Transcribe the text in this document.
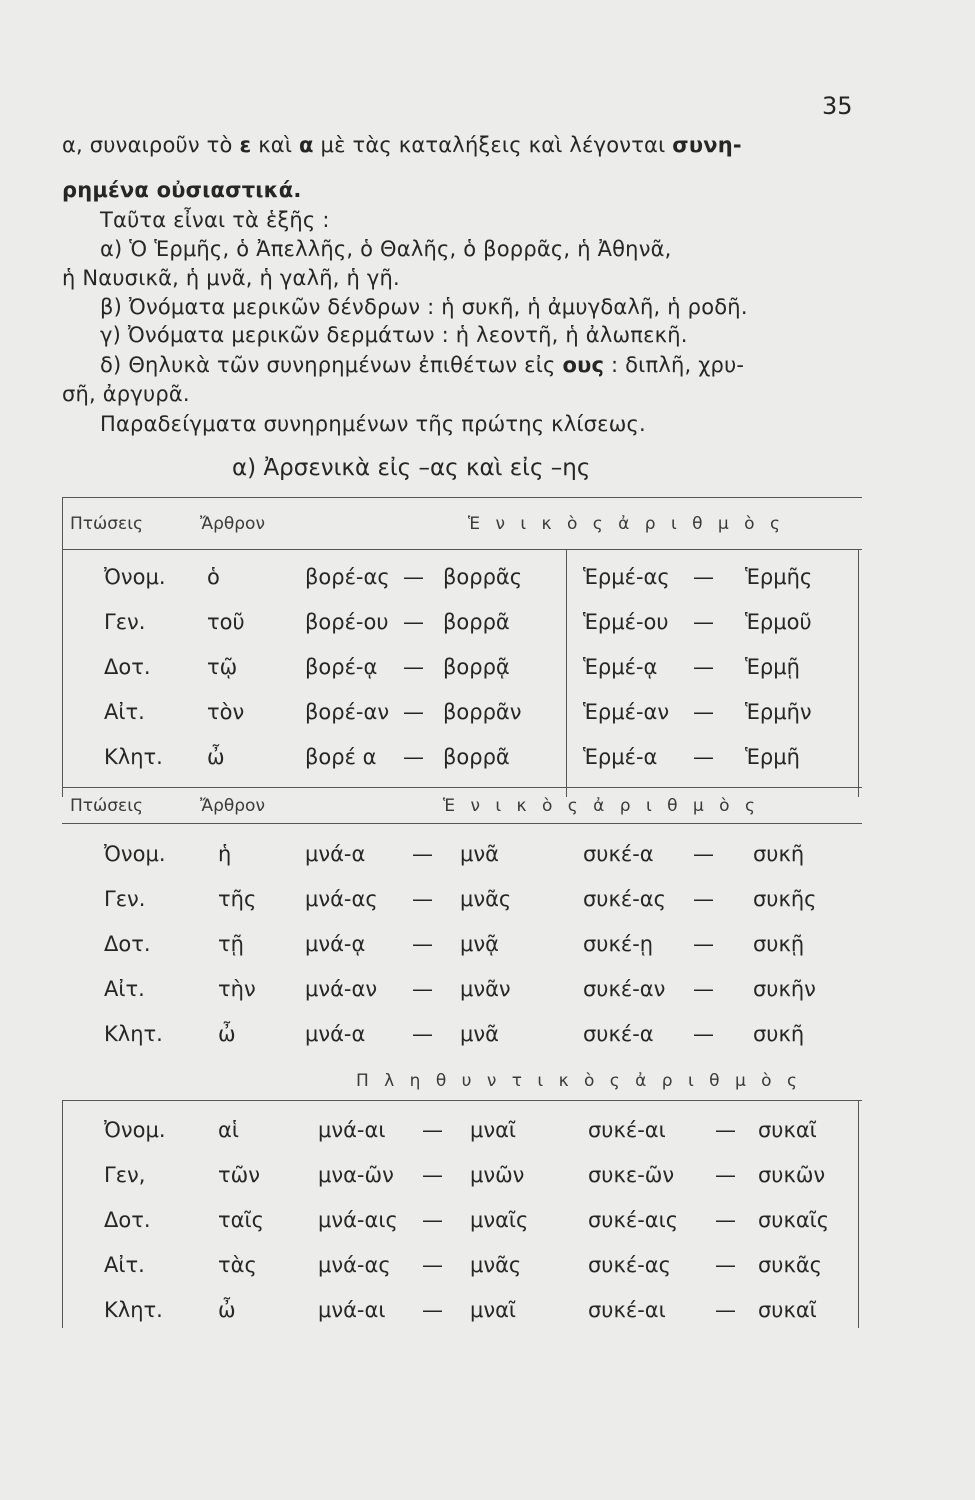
35
α, συναιροῦν τὸ ε καὶ α μὲ τὰς καταλήξεις καὶ λέγονται συνη-
ρημένα οὐσιαστικά.
Ταῦτα εἶναι τὰ ἑξῆς :
α) Ὁ Ἑρμῆς, ὁ Ἀπελλῆς, ὁ Θαλῆς, ὁ βορρᾶς, ἡ Ἀθηνᾶ,
ἡ Ναυσικᾶ, ἡ μνᾶ, ἡ γαλῆ, ἡ γῆ.
β) Ὀνόματα μερικῶν δένδρων : ἡ συκῆ, ἡ ἀμυγδαλῆ, ἡ ροδῆ.
γ) Ὀνόματα μερικῶν δερμάτων : ἡ λεοντῆ, ἡ ἀλωπεκῆ.
δ) Θηλυκὰ τῶν συνηρημένων ἐπιθέτων εἰς ους : διπλῆ, χρυ-
σῆ, ἀργυρᾶ.
Παραδείγματα συνηρημένων τῆς πρώτης κλίσεως.
α) Ἀρσενικὰ εἰς –ας καὶ εἰς –ης
Πτώσεις	Ἄρθρον	Ἑ ν ι κ ὸ ς ἀ ρ ι θ μ ὸ ς
Ὀνομ. ὁ	βορέ-ας — βορρᾶς	Ἑρμέ-ας — Ἑρμῆς
Γεν.	τοῦ	βορέ-ου — βορρᾶ	Ἑρμέ-ου — Ἑρμοῦ
Δοτ.	τῷ	βορέ-ᾳ — βορρᾷ	Ἑρμέ-ᾳ — Ἑρμῇ
Αἰτ.	τὸν	βορέ-αν — βορρᾶν	Ἑρμέ-αν — Ἑρμῆν
Κλητ. ὦ	βορέ α — βορρᾶ	Ἑρμέ-α — Ἑρμῆ
Πτώσεις	Ἄρθρον	Ἑ ν ι κ ὸ ς ἀ ρ ι θ μ ὸ ς
Ὀνομ. ἡ	μνά-α — μνᾶ	συκέ-α — συκῆ
Γεν.	τῆς μνά-ας — μνᾶς	συκέ-ας — συκῆς
Δοτ.	τῇ	μνά-ᾳ — μνᾷ	συκέ-ῃ — συκῇ
Αἰτ.	τὴν μνά-αν — μνᾶν	συκέ-αν — συκῆν
Κλητ.	ὦ	μνά-α — μνᾶ	συκέ-α — συκῆ
Π λ η θ υ ν τ ι κ ὸ ς ἀ ρ ι θ μ ὸ ς
Ὀνομ. αἱ	μνά-αι — μναῖ	συκέ-αι — συκαῖ
Γεν,	τῶν	μνα-ῶν — μνῶν	συκε-ῶν — συκῶν
Δοτ.	ταῖς	μνά-αις — μναῖς	συκέ-αις — συκαῖς
Αἰτ.	τὰς	μνά-ας — μνᾶς	συκέ-ας — συκᾶς
Κλητ.	ὦ	μνά-αι — μναῖ	συκέ-αι — συκαῖ
